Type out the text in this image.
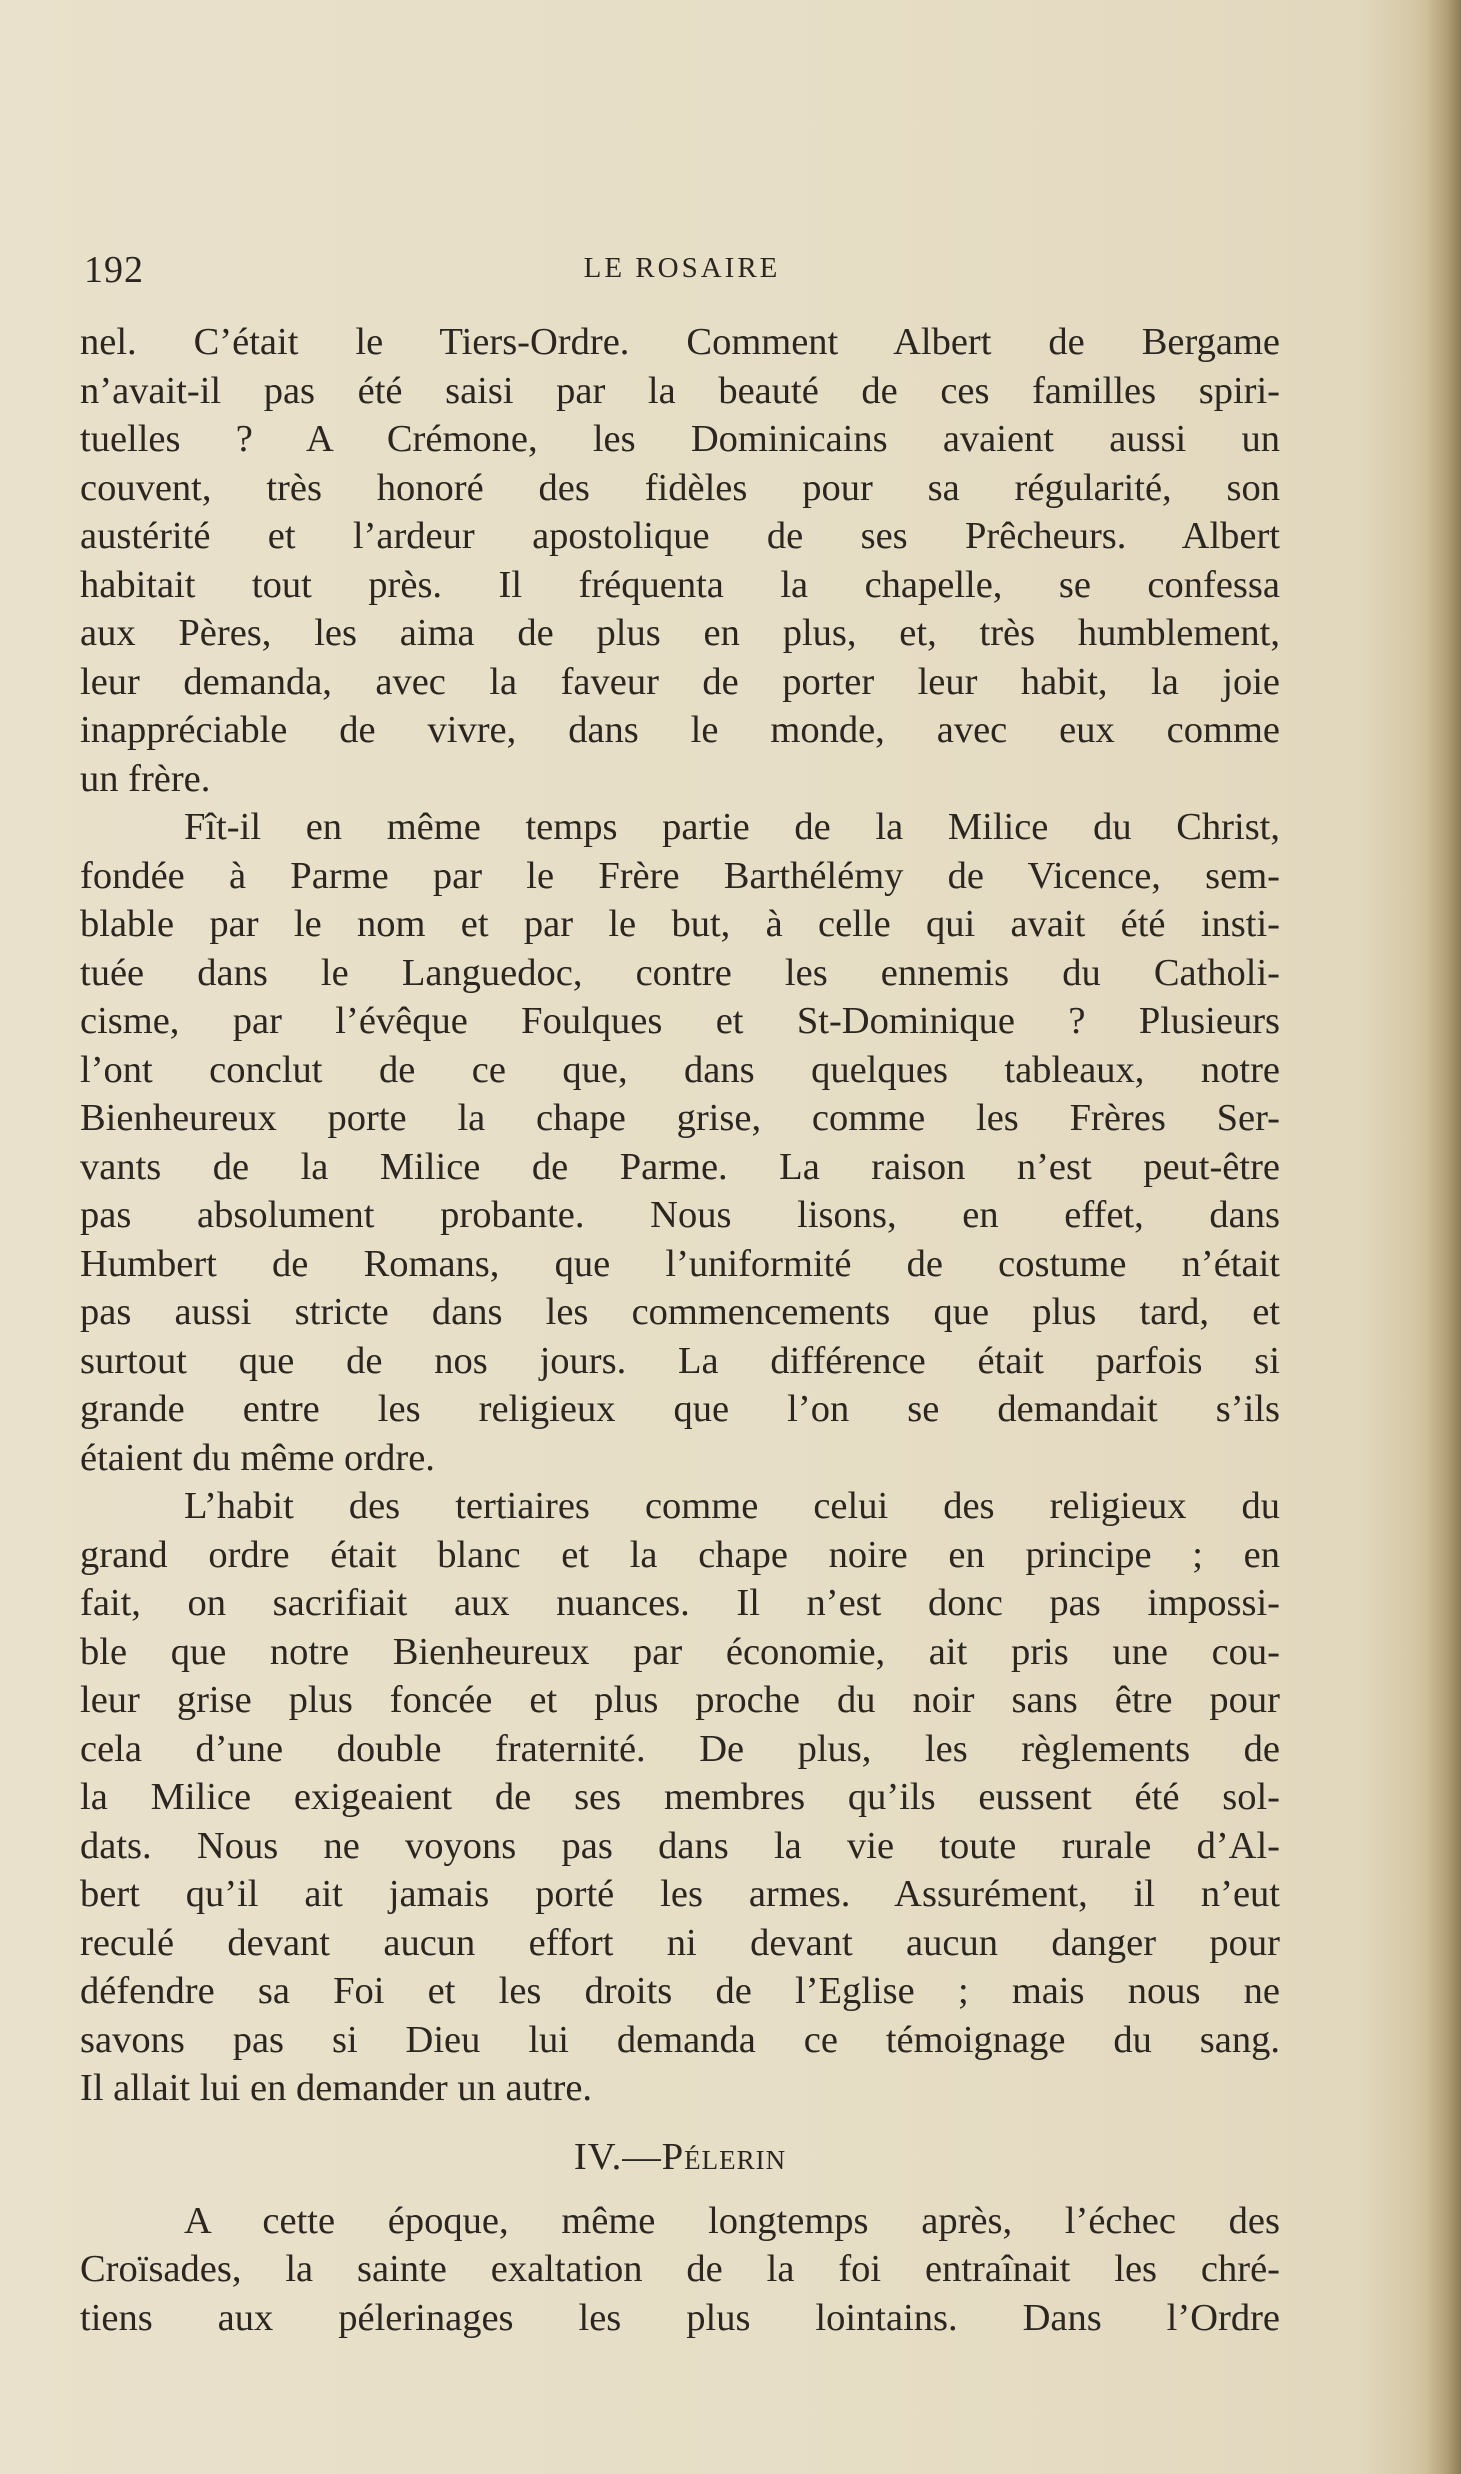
192	LE ROSAIRE
nel. C’était le Tiers-Ordre. Comment Albert de Bergame
n’avait-il pas été saisi par la beauté de ces familles spiri-
tuelles ? A Crémone, les Dominicains avaient aussi un
couvent, très honoré des fidèles pour sa régularité, son
austérité et l’ardeur apostolique de ses Prêcheurs. Albert
habitait tout près. Il fréquenta la chapelle, se confessa
aux Pères, les aima de plus en plus, et, très humblement,
leur demanda, avec la faveur de porter leur habit, la joie
inappréciable de vivre, dans le monde, avec eux comme
un frère.
Fît-il en même temps partie de la Milice du Christ,
fondée à Parme par le Frère Barthélémy de Vicence, sem-
blable par le nom et par le but, à celle qui avait été insti-
tuée dans le Languedoc, contre les ennemis du Catholi-
cisme, par l’évêque Foulques et St-Dominique ? Plusieurs
l’ont conclut de ce que, dans quelques tableaux, notre
Bienheureux porte la chape grise, comme les Frères Ser-
vants de la Milice de Parme. La raison n’est peut-être
pas absolument probante. Nous lisons, en effet, dans
Humbert de Romans, que l’uniformité de costume n’était
pas aussi stricte dans les commencements que plus tard, et
surtout que de nos jours. La différence était parfois si
grande entre les religieux que l’on se demandait s’ils
étaient du même ordre.
L’habit des tertiaires comme celui des religieux du
grand ordre était blanc et la chape noire en principe ; en
fait, on sacrifiait aux nuances. Il n’est donc pas impossi-
ble que notre Bienheureux par économie, ait pris une cou-
leur grise plus foncée et plus proche du noir sans être pour
cela d’une double fraternité. De plus, les règlements de
la Milice exigeaient de ses membres qu’ils eussent été sol-
dats. Nous ne voyons pas dans la vie toute rurale d’Al-
bert qu’il ait jamais porté les armes. Assurément, il n’eut
reculé devant aucun effort ni devant aucun danger pour
défendre sa Foi et les droits de l’Eglise ; mais nous ne
savons pas si Dieu lui demanda ce témoignage du sang.
Il allait lui en demander un autre.
IV.—Pélerin
A cette époque, même longtemps après, l’échec des
Croïsades, la sainte exaltation de la foi entraînait les chré-
tiens aux pélerinages les plus lointains. Dans l’Ordre
